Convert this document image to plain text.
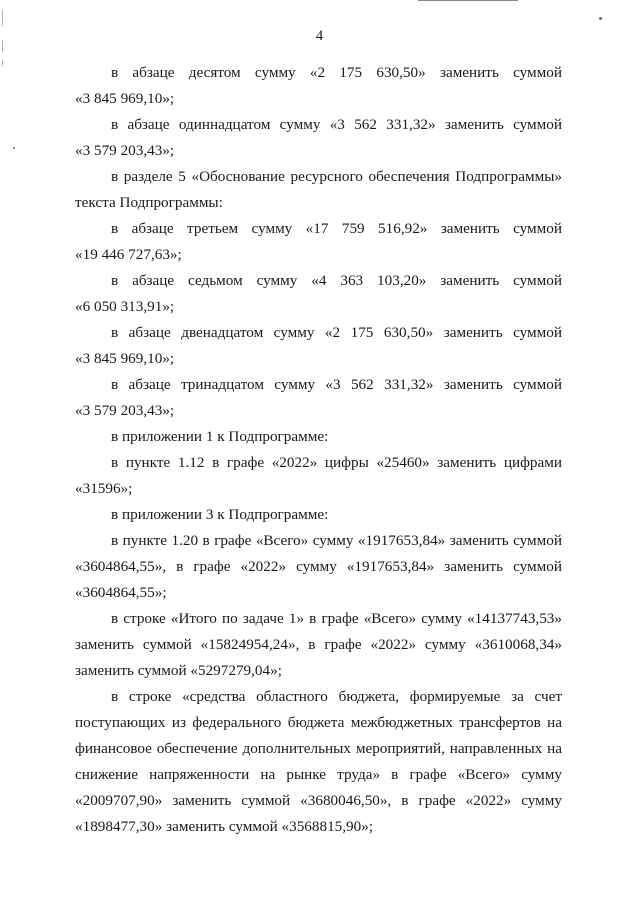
4
в абзаце десятом сумму «2 175 630,50» заменить суммой
«3 845 969,10»;
в абзаце одиннадцатом сумму «3 562 331,32» заменить суммой
«3 579 203,43»;
в разделе 5 «Обоснование ресурсного обеспечения Подпрограммы»
текста Подпрограммы:
в абзаце третьем сумму «17 759 516,92» заменить суммой
«19 446 727,63»;
в абзаце седьмом сумму «4 363 103,20» заменить суммой
«6 050 313,91»;
в абзаце двенадцатом сумму «2 175 630,50» заменить суммой
«3 845 969,10»;
в абзаце тринадцатом сумму «3 562 331,32» заменить суммой
«3 579 203,43»;
в приложении 1 к Подпрограмме:
в пункте 1.12 в графе «2022» цифры «25460» заменить цифрами
«31596»;
в приложении 3 к Подпрограмме:
в пункте 1.20 в графе «Всего» сумму «1917653,84» заменить суммой
«3604864,55», в графе «2022» сумму «1917653,84» заменить суммой
«3604864,55»;
в строке «Итого по задаче 1» в графе «Всего» сумму «14137743,53»
заменить суммой «15824954,24», в графе «2022» сумму «3610068,34»
заменить суммой «5297279,04»;
в строке «средства областного бюджета, формируемые за счет
поступающих из федерального бюджета межбюджетных трансфертов на
финансовое обеспечение дополнительных мероприятий, направленных на
снижение напряженности на рынке труда» в графе «Всего» сумму
«2009707,90» заменить суммой «3680046,50», в графе «2022» сумму
«1898477,30» заменить суммой «3568815,90»;
